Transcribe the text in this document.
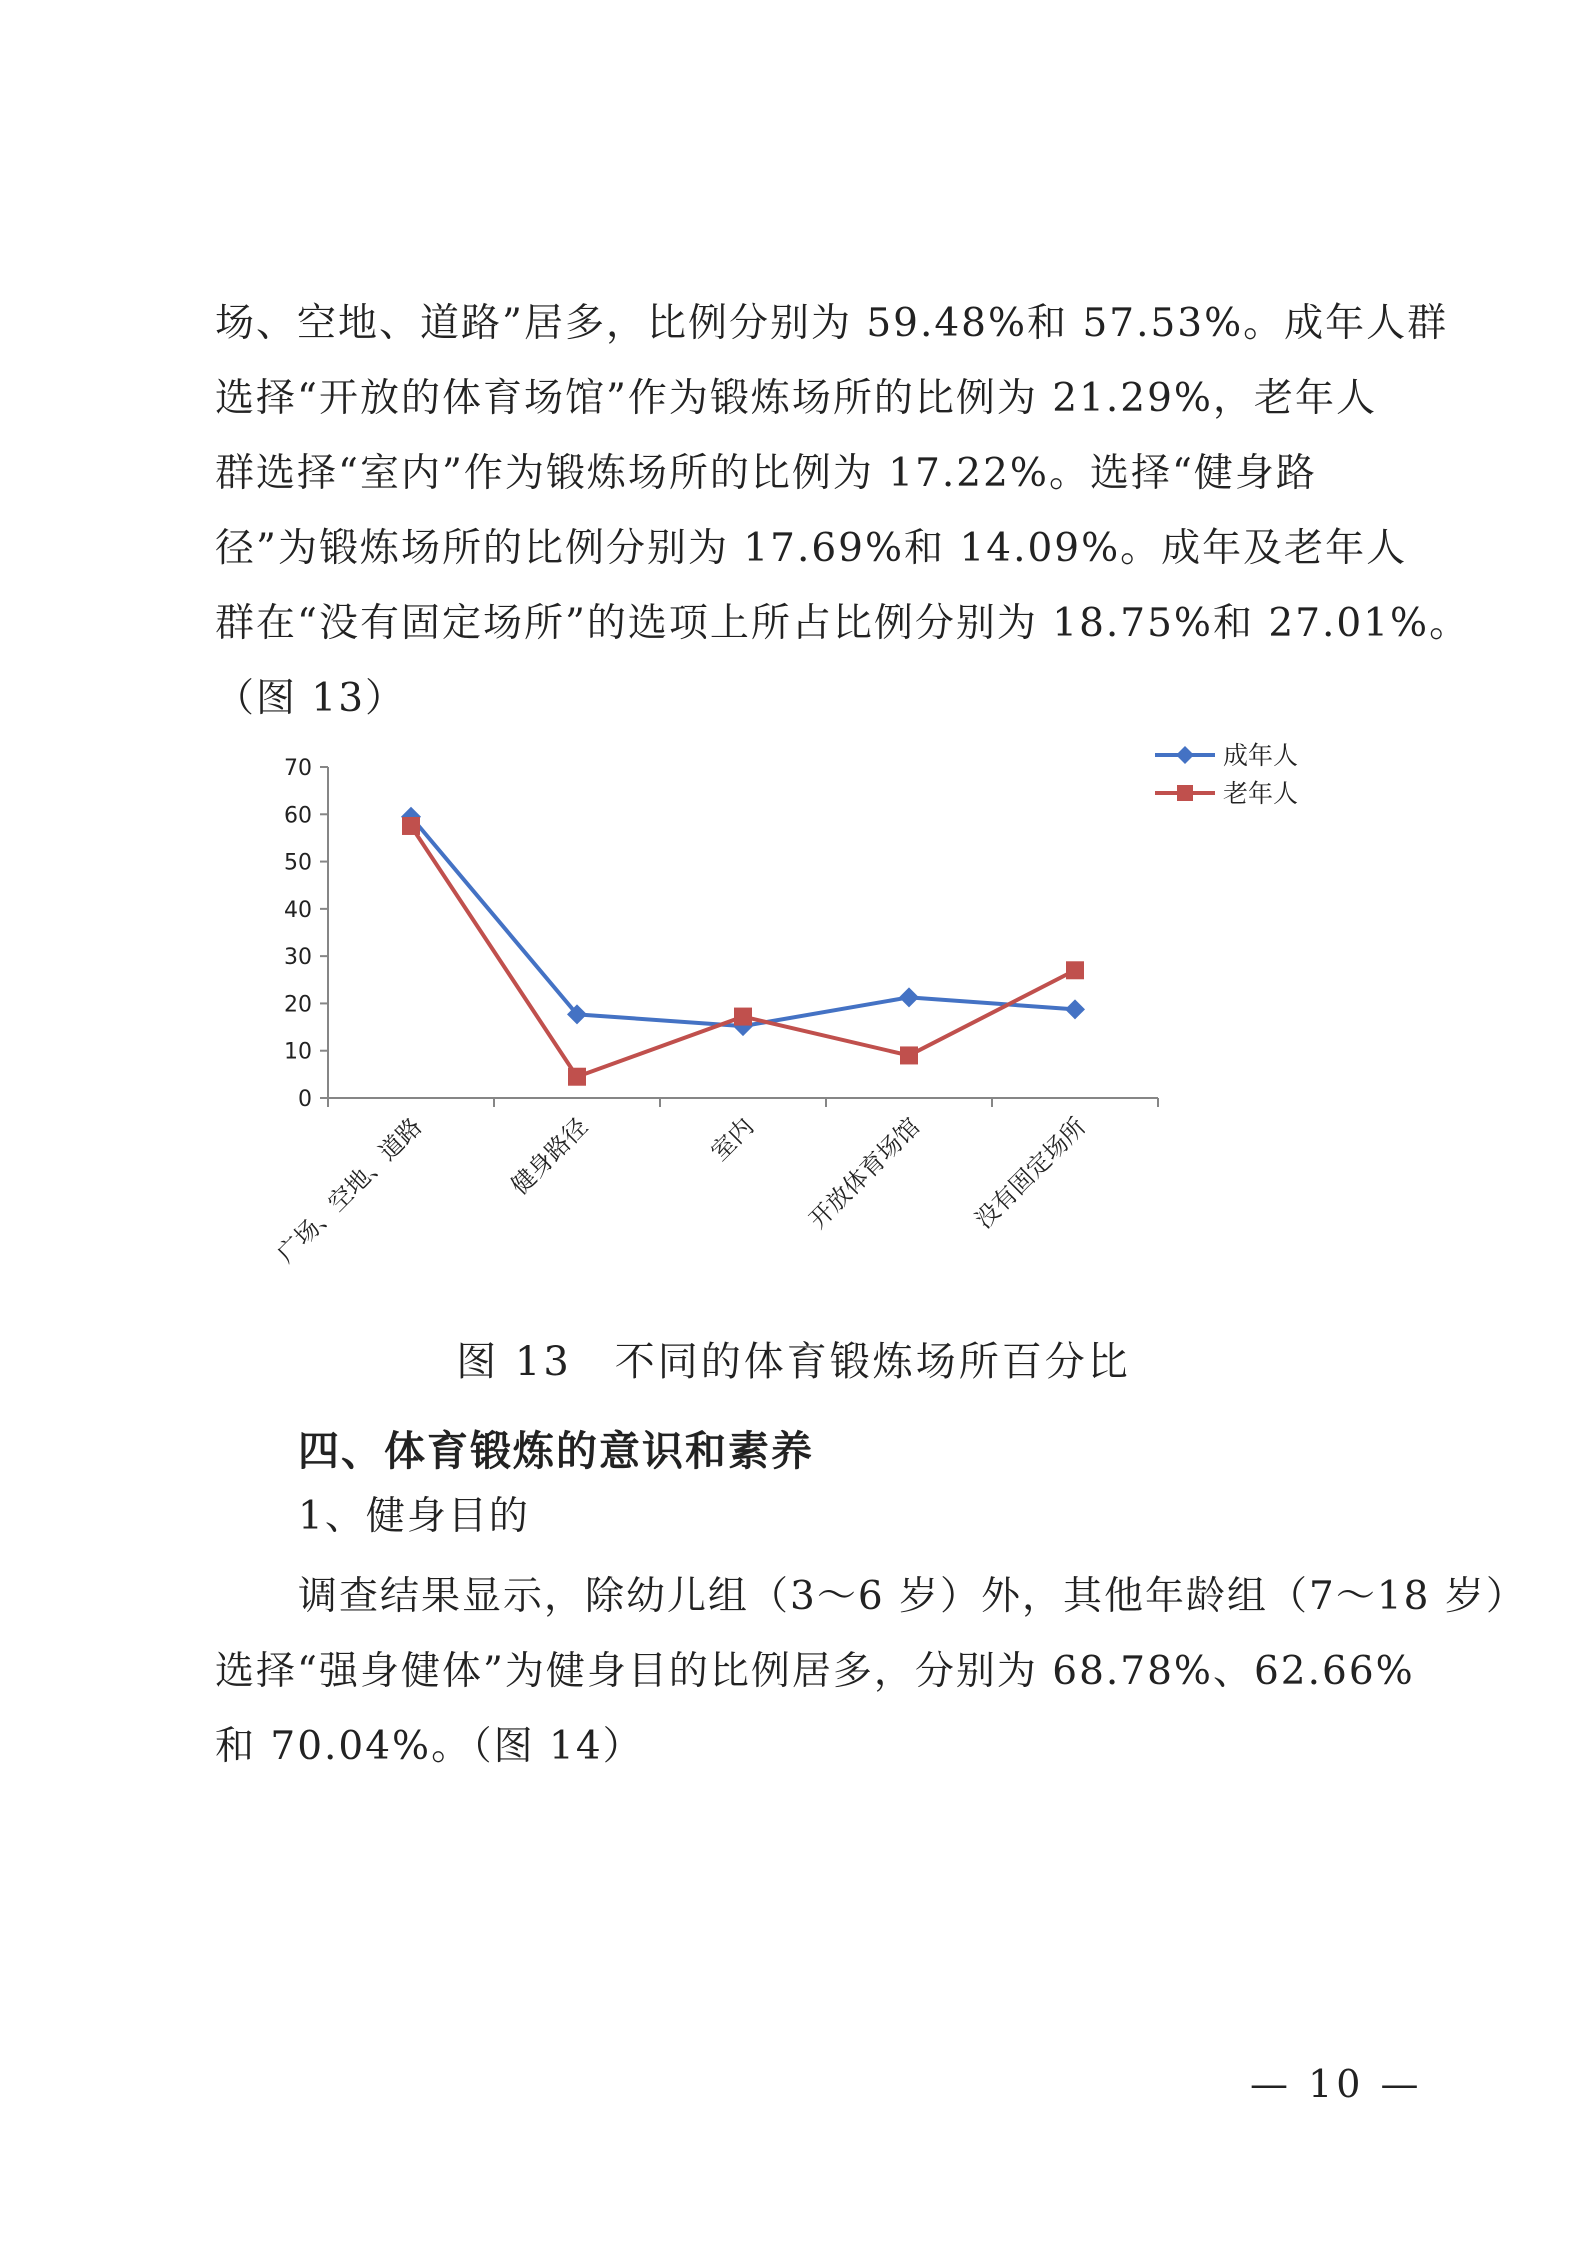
场、空地、道路”居多，比例分别为 59.48%和 57.53%。成年人群
选择“开放的体育场馆”作为锻炼场所的比例为 21.29%，老年人
群选择“室内”作为锻炼场所的比例为 17.22%。选择“健身路
径”为锻炼场所的比例分别为 17.69%和 14.09%。成年及老年人
群在“没有固定场所”的选项上所占比例分别为 18.75%和 27.01%。
（图 13）
0
10
20
30
40
50
60
70
广场、空地、道路	健身路径	室内 开放体育场馆 没有固定场所
成年人
老年人
图 13　不同的体育锻炼场所百分比
四、体育锻炼的意识和素养
1、健身目的
调查结果显示，除幼儿组（3～6 岁）外，其他年龄组（7～18 岁）
选择“强身健体”为健身目的比例居多，分别为 68.78%、62.66%
和 70.04%。（图 14）
— 10 —
